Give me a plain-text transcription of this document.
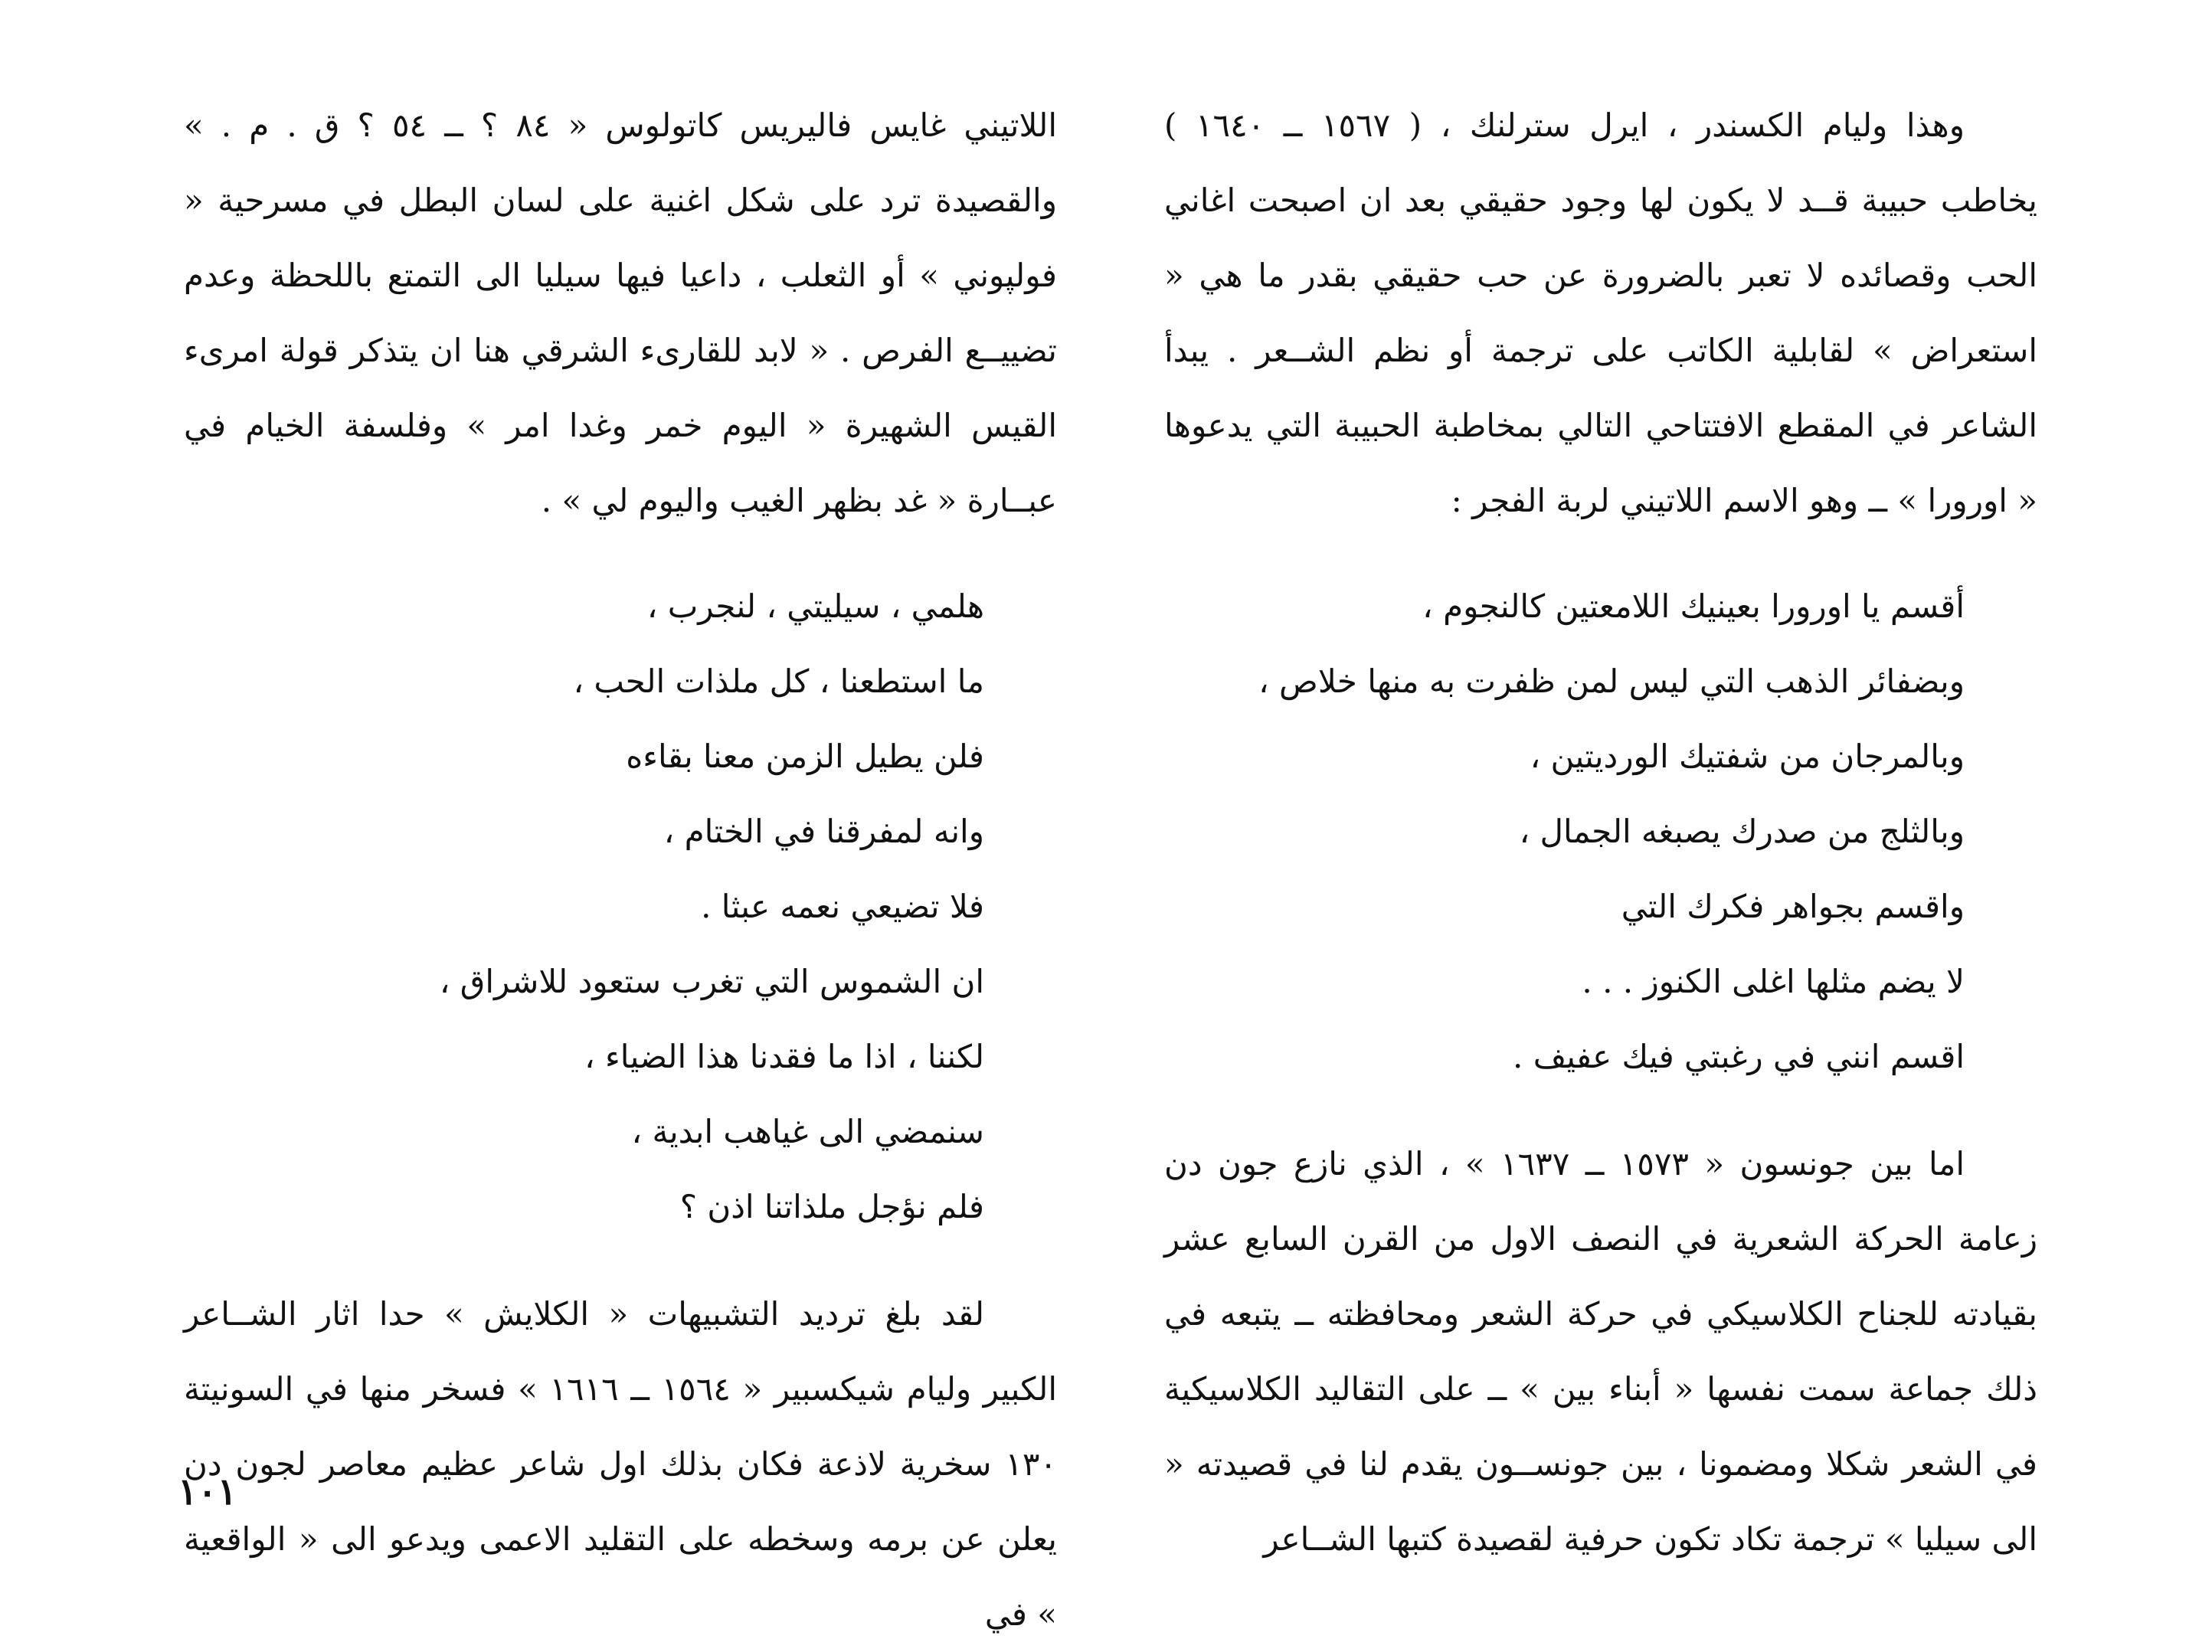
وهذا وليام الكسندر ، ايرل سترلنك ، ( ١٥٦٧ ــ ١٦٤٠ ) يخاطب حبيبة قــد لا يكون لها وجود حقيقي بعد ان اصبحت اغاني الحب وقصائده لا تعبر بالضرورة عن حب حقيقي بقدر ما هي « استعراض » لقابلية الكاتب على ترجمة أو نظم الشــعر . يبدأ الشاعر في المقطع الافتتاحي التالي بمخاطبة الحبيبة التي يدعوها « اورورا » ــ وهو الاسم اللاتيني لربة الفجر :

أقسم يا اورورا بعينيك اللامعتين كالنجوم ،
وبضفائر الذهب التي ليس لمن ظفرت به منها خلاص ،
وبالمرجان من شفتيك الورديتين ،
وبالثلج من صدرك يصبغه الجمال ،
واقسم بجواهر فكرك التي
لا يضم مثلها اغلى الكنوز . . .
اقسم انني في رغبتي فيك عفيف .

اما بين جونسون « ١٥٧٣ ــ ١٦٣٧ » ، الذي نازع جون دن زعامة الحركة الشعرية في النصف الاول من القرن السابع عشر بقيادته للجناح الكلاسيكي في حركة الشعر ومحافظته ــ يتبعه في ذلك جماعة سمت نفسها « أبناء بين » ــ على التقاليد الكلاسيكية في الشعر شكلا ومضمونا ، بين جونســون يقدم لنا في قصيدته « الى سيليا » ترجمة تكاد تكون حرفية لقصيدة كتبها الشــاعر

اللاتيني غايس فاليريس كاتولوس « ٨٤ ؟ ــ ٥٤ ؟ ق . م . » والقصيدة ترد على شكل اغنية على لسان البطل في مسرحية « فولپوني » أو الثعلب ، داعيا فيها سيليا الى التمتع باللحظة وعدم تضييــع الفرص . « لابد للقارىء الشرقي هنا ان يتذكر قولة امرىء القيس الشهيرة « اليوم خمر وغدا امر » وفلسفة الخيام في عبــارة « غد بظهر الغيب واليوم لي » .

هلمي ، سيليتي ، لنجرب ،
ما استطعنا ، كل ملذات الحب ،
فلن يطيل الزمن معنا بقاءه
وانه لمفرقنا في الختام ،
فلا تضيعي نعمه عبثا .
ان الشموس التي تغرب ستعود للاشراق ،
لكننا ، اذا ما فقدنا هذا الضياء ،
سنمضي الى غياهب ابدية ،
فلم نؤجل ملذاتنا اذن ؟

لقد بلغ ترديد التشبيهات « الكلايش » حدا اثار الشــاعر الكبير وليام شيكسبير « ١٥٦٤ ــ ١٦١٦ » فسخر منها في السونيتة ١٣٠ سخرية لاذعة فكان بذلك اول شاعر عظيم معاصر لجون دن يعلن عن برمه وسخطه على التقليد الاعمى ويدعو الى « الواقعية » في

١٠١
